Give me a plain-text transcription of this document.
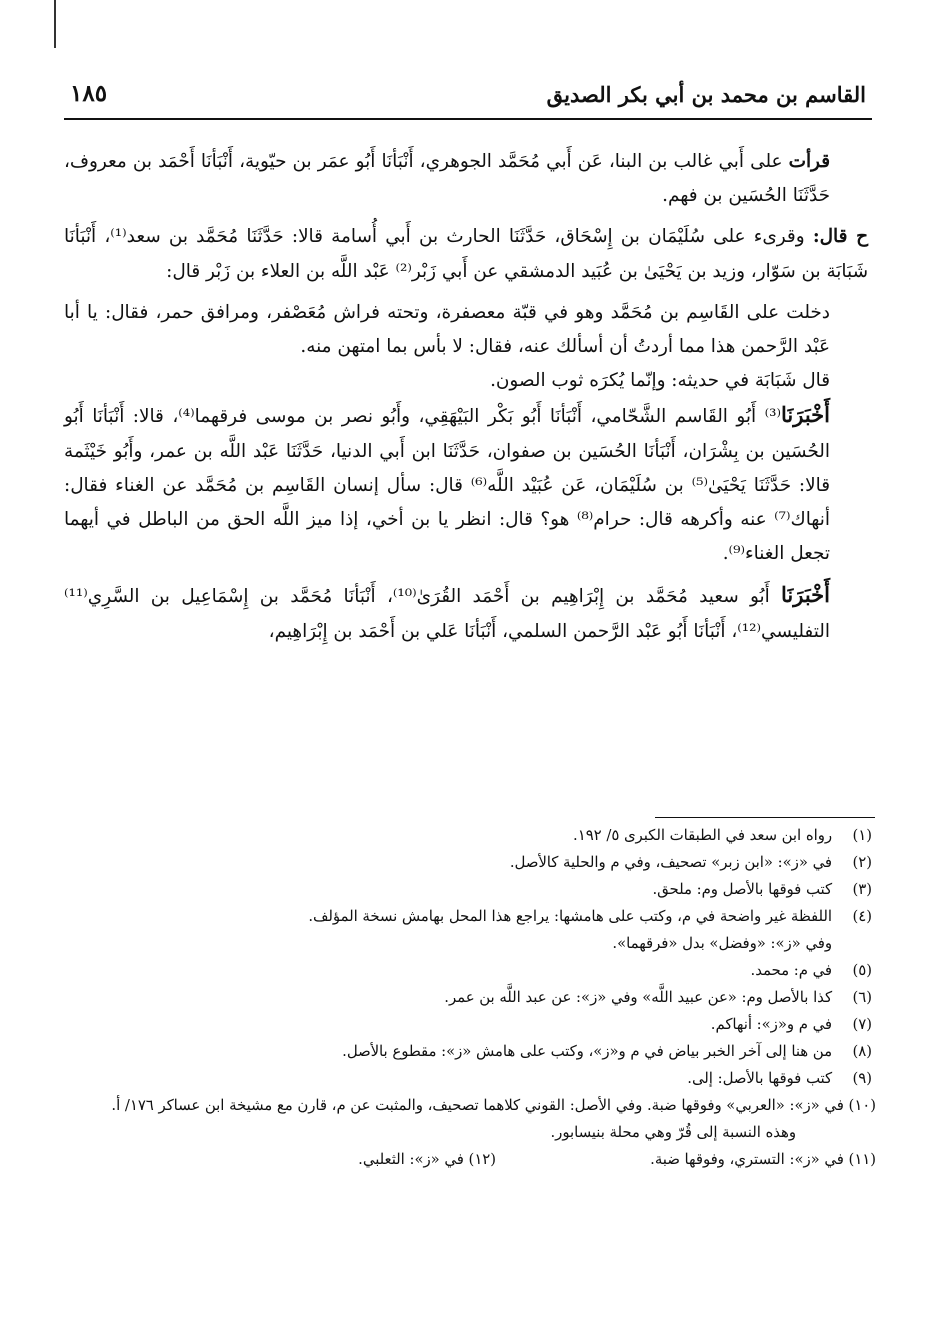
القاسم بن محمد بن أبي بكر الصديق
١٨٥

قرأت على أَبي غالب بن البنا، عَن أَبي مُحَمَّد الجوهري، أَنْبَأنَا أَبُو عمَر بن حيّوية، أَنْبَأنَا أَحْمَد بن معروف، حَدَّثَنَا الحُسَين بن فهم.

ح قال: وقرىء على سُلَيْمَان بن إِسْحَاق، حَدَّثَنَا الحارث بن أَبي أُسامة قالا: حَدَّثَنَا مُحَمَّد بن سعد⁽¹⁾، أَنْبَأنَا شَبَابَة بن سَوّار، وزيد بن يَحْيَىٰ بن عُبَيد الدمشقي عن أَبي زَبْر⁽²⁾ عَبْد اللَّه بن العلاء بن زَبْر قال:

دخلت على القَاسِم بن مُحَمَّد وهو في قبّة معصفرة، وتحته فراش مُعَصْفر، ومرافق حمر، فقال: يا أبا عَبْد الرَّحمن هذا مما أردتُ أن أسألك عنه، فقال: لا بأس بما امتهن منه.

قال شَبَابَة في حديثه: وإنّما يُكرَه ثوب الصون.

أَخْبَرَنَا⁽³⁾ أَبُو القَاسم الشَّحّامي، أَنْبَأنَا أَبُو بَكْر البَيْهَقِي، وأَبُو نصر بن موسى فرقهما⁽⁴⁾، قالا: أَنْبَأنَا أَبُو الحُسَين بن بِشْرَان، أَنْبَأنَا الحُسَين بن صفوان، حَدَّثَنَا ابن أَبي الدنيا، حَدَّثَنَا عَبْد اللَّه بن عمر، وأَبُو خَيْثَمة قالا: حَدَّثَنَا يَحْيَىٰ⁽⁵⁾ بن سُلَيْمَان، عَن عُبَيْد اللَّه⁽⁶⁾ قال: سأل إنسان القَاسِم بن مُحَمَّد عن الغناء فقال: أنهاك⁽⁷⁾ عنه وأكرهه قال: حرام⁽⁸⁾ هو؟ قال: انظر يا بن أخي، إذا ميز اللَّه الحق من الباطل في أيهما تجعل الغناء⁽⁹⁾.

أَخْبَرَنَا أَبُو سعيد مُحَمَّد بن إِبْرَاهِيم بن أَحْمَد القُرَىٰ⁽¹⁰⁾، أَنْبَأنَا مُحَمَّد بن إِسْمَاعِيل بن السَّرِي⁽¹¹⁾ التفليسي⁽¹²⁾، أَنْبَأنَا أَبُو عَبْد الرَّحمن السلمي، أَنْبَأنَا عَلي بن أَحْمَد بن إِبْرَاهِيم،

(١)
رواه ابن سعد في الطبقات الكبرى ٥/ ١٩٢.

(٢)
في «ز»: «ابن زبر» تصحيف، وفي م والحلية كالأصل.

(٣)
كتب فوقها بالأصل وم: ملحق.

(٤)
اللفظة غير واضحة في م، وكتب على هامشها: يراجع هذا المحل بهامش نسخة المؤلف.

وفي «ز»: «وفضل» بدل «فرقهما».

(٥)
في م: محمد.

(٦)
كذا بالأصل وم: «عن عبيد اللَّه» وفي «ز»: عن عبد اللَّه بن عمر.

(٧)
في م و«ز»: أنهاكم.

(٨)
من هنا إلى آخر الخبر بياض في م و«ز»، وكتب على هامش «ز»: مقطوع بالأصل.

(٩)
كتب فوقها بالأصل: إلى.

(١٠) في «ز»: «العربي» وفوقها ضبة. وفي الأصل: القوني كلاهما تصحيف، والمثبت عن م، قارن مع مشيخة ابن عساكر ١٧٦/ أ.

وهذه النسبة إلى قُرّ وهي محلة بنيسابور.

(١١) في «ز»: التستري، وفوقها ضبة.
(١٢) في «ز»: الثعلبي.
